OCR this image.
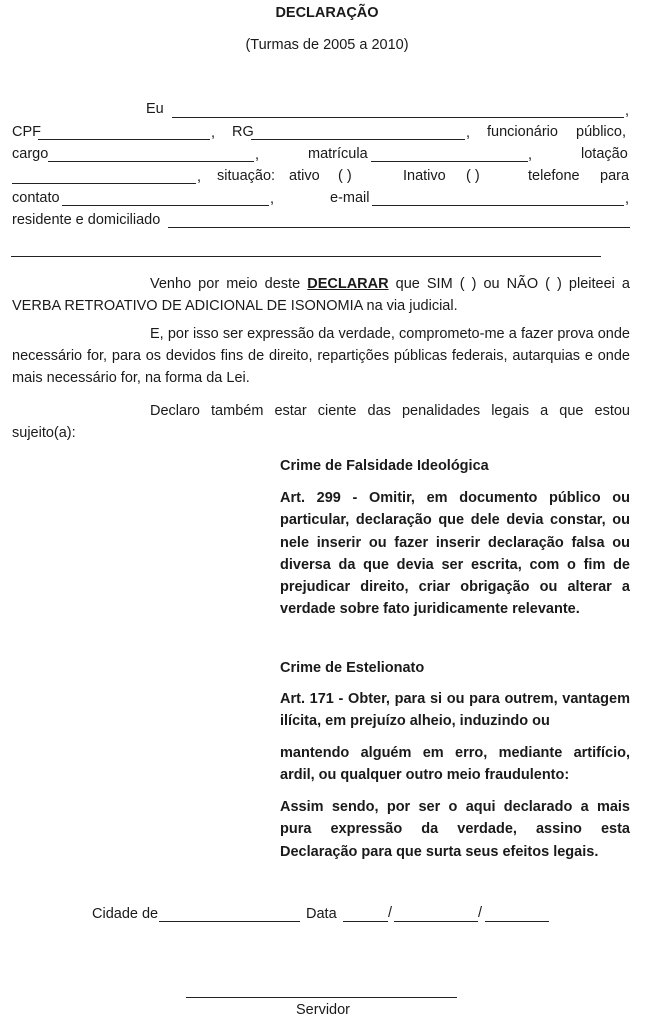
DECLARAÇÃO
(Turmas de 2005 a 2010)
Eu	,
CPF	, RG	, funcionário público,
cargo	,	matrícula	,	lotação
, situação: ativo ( )	Inativo ( )	telefone para
contato	,	e-mail	,
residente e domiciliado
Venho por meio deste DECLARAR que SIM ( ) ou NÃO ( ) pleiteei a VERBA RETROATIVO DE ADICIONAL DE ISONOMIA na via judicial.
E, por isso ser expressão da verdade, comprometo-me a fazer prova onde necessário for, para os devidos fins de direito, repartições públicas federais, autarquias e onde mais necessário for, na forma da Lei.
Declaro também estar ciente das penalidades legais a que estou sujeito(a):
Crime de Falsidade Ideológica
Art. 299 - Omitir, em documento público ou particular, declaração que dele devia constar, ou nele inserir ou fazer inserir declaração falsa ou diversa da que devia ser escrita, com o fim de prejudicar direito, criar obrigação ou alterar a verdade sobre fato juridicamente relevante.
Crime de Estelionato
Art. 171 - Obter, para si ou para outrem, vantagem ilícita, em prejuízo alheio, induzindo ou
mantendo alguém em erro, mediante artifício, ardil, ou qualquer outro meio fraudulento:
Assim sendo, por ser o aqui declarado a mais pura expressão da verdade, assino esta Declaração para que surta seus efeitos legais.
Cidade de	Data	/	/
Servidor
